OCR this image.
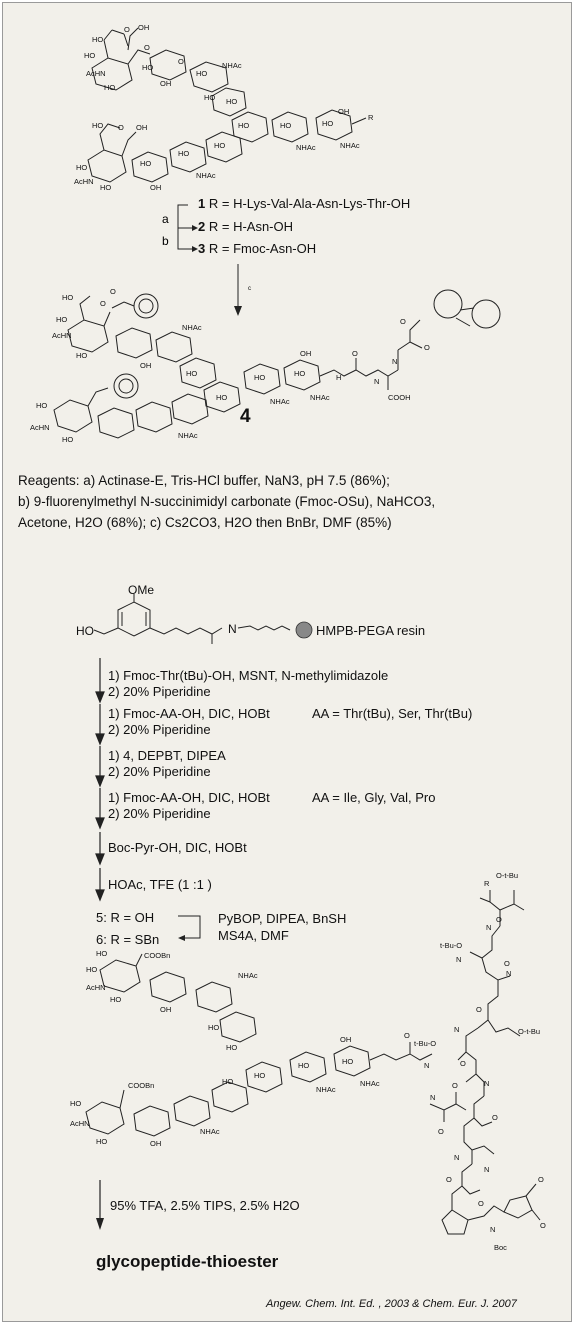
O OH
HO
HO
AcHN
HO
O
HO
OH
O
HO
NHAc
HO HO
HO	HO
NHAc
HO
NHAc
OH
R
HO O OH
HO
AcHN
HO
HO
OH
HO
NHAc
HO
1 R = H-Lys-Val-Ala-Asn-Lys-Thr-OH
2 R = H-Asn-OH
3 R = Fmoc-Asn-OH
a
b
c
O
O
HO
HO
AcHN
HO
OH
NHAc
HO
HO
HO
NHAc
HO
NHAc
OH
H
O
N
COOH
N
O
O
HO
AcHN
HO	NHAc
4
Reagents: a) Actinase-E, Tris-HCl buffer, NaN3, pH 7.5 (86%);
b) 9-fluorenylmethyl N-succinimidyl carbonate (Fmoc-OSu), NaHCO3,
Acetone, H2O (68%); c) Cs2CO3, H2O then BnBr, DMF (85%)
OMe
HO	N	HMPB-PEGA resin
1) Fmoc-Thr(tBu)-OH, MSNT, N-methylimidazole
2) 20% Piperidine
1) Fmoc-AA-OH, DIC, HOBt
2) 20% Piperidine
AA = Thr(tBu), Ser, Thr(tBu)
1) 4, DEPBT, DIPEA
2) 20% Piperidine
1) Fmoc-AA-OH, DIC, HOBt
2) 20% Piperidine
AA = Ile, Gly, Val, Pro
Boc-Pyr-OH, DIC, HOBt
HOAc, TFE (1 :1 )
5: R = OH
6: R = SBn
PyBOP, DIPEA, BnSH
MS4A, DMF
R
O-t-Bu
O
N
t-Bu-O
O
N
N
O-t-Bu
O
N
t-Bu-O
O
N
O
N
O
O
N
N
O
O
N
Boc
O
O
COOBn
HO
HO
AcHN
HO
OH
NHAc
HO
HO
HO
HO
NHAc
HO
NHAc
OH	O
N
COOBn
HO
AcHN
HO	OH
NHAc
HO
95% TFA, 2.5% TIPS, 2.5% H2O
glycopeptide-thioester
Angew. Chem. Int. Ed. , 2003 & Chem. Eur. J. 2007
